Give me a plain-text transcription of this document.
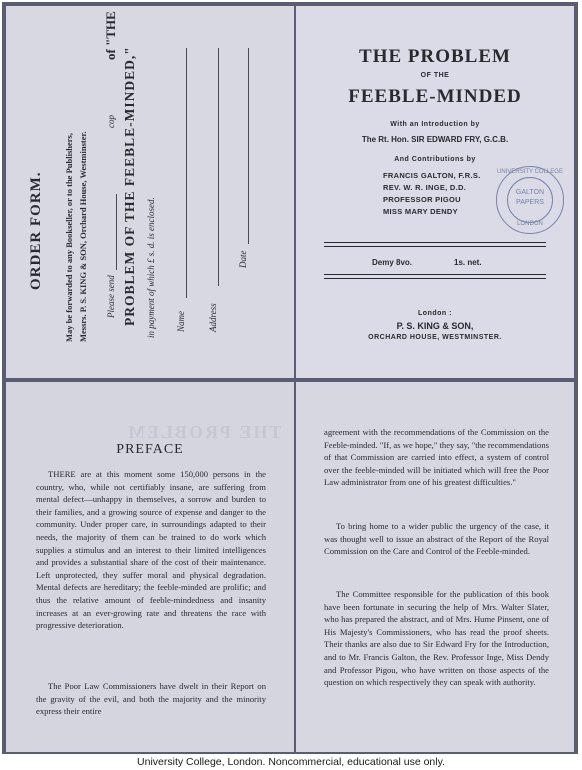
ORDER FORM. May be forwarded to any Bookseller, or to the Publishers, Messrs. P. S. KING & SON, Orchard House, Westminster. Please send
cop
of "THE
PROBLEM OF THE FEEBLE-MINDED," in payment of which £ s. d. is enclosed. Name Address
Date
THE PROBLEM
OF THE
FEEBLE-MINDED
With an Introduction by
The Rt. Hon. SIR EDWARD FRY, G.C.B.
And Contributions by
FRANCIS GALTON, F.R.S.
REV. W. R. INGE, D.D.
PROFESSOR PIGOU
MISS MARY DENDY
UNIVERSITY COLLEGE
LONDON
GALTON
PAPERS
Demy 8vo.	1s. net.
London :
P. S. KING & SON,
ORCHARD HOUSE, WESTMINSTER.
THE PROBLEM
PREFACE
THERE are at this moment some 150,000 persons in the country, who, while not certifiably insane, are suffering from mental defect—unhappy in themselves, a sorrow and burden to their families, and a growing source of expense and danger to the community. Under proper care, in surroundings adapted to their needs, the majority of them can be trained to do work which supplies a stimulus and an interest to their limited intelligences and provides a substantial share of the cost of their maintenance. Left unprotected, they suffer moral and physical degradation. Mental defects are hereditary; the feeble-minded are prolific; and thus the relative amount of feeble-mindedness and insanity increases at an ever-growing rate and threatens the race with progressive deterioration.
The Poor Law Commissioners have dwelt in their Report on the gravity of the evil, and both the majority and the minority express their entire
agreement with the recommendations of the Commission on the Feeble-minded. "If, as we hope," they say, "the recommendations of that Commission are carried into effect, a system of control over the feeble-minded will be initiated which will free the Poor Law administrator from one of his greatest difficulties."
To bring home to a wider public the urgency of the case, it was thought well to issue an abstract of the Report of the Royal Commission on the Care and Control of the Feeble-minded.
The Committee responsible for the publication of this book have been fortunate in securing the help of Mrs. Walter Slater, who has prepared the abstract, and of Mrs. Hume Pinsent, one of His Majesty's Commissioners, who has read the proof sheets. Their thanks are also due to Sir Edward Fry for the Introduction, and to Mr. Francis Galton, the Rev. Professor Inge, Miss Dendy and Professor Pigou, who have written on those aspects of the question on which respectively they can speak with authority.
University College, London. Noncommercial, educational use only.
